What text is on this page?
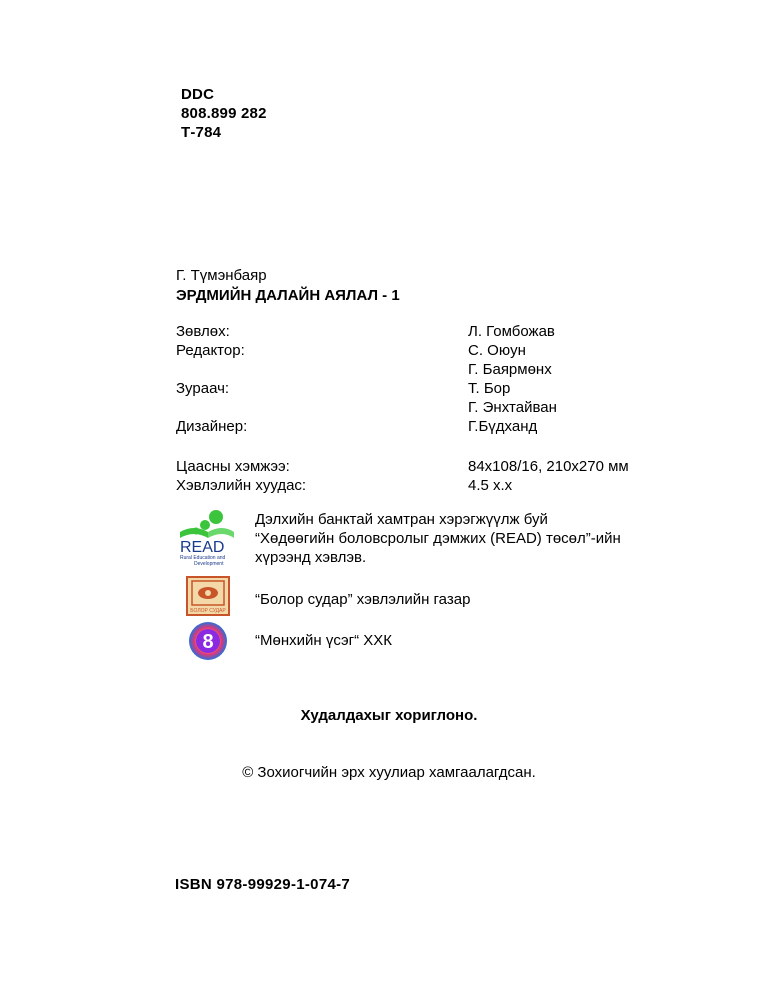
DDC
808.899 282
Т-784
Г. Түмэнбаяр
ЭРДМИЙН ДАЛАЙН АЯЛАЛ - 1
Зөвлөх:	Л. Гомбожав
Редактор:	С. Оюун
Г. Баярмөнх
Зураач:	Т. Бор
Г. Энхтайван
Дизайнер:	Г.Бүдханд
Цаасны хэмжээ:	84x108/16, 210x270 мм
Хэвлэлийн хуудас:	4.5 х.х
READ
Rural Education and
Development
Дэлхийн банктай хамтран хэрэгжүүлж буй
“Хөдөөгийн боловсролыг дэмжих (READ) төсөл”-ийн
хүрээнд хэвлэв.
БОЛОР СУДАР
“Болор судар” хэвлэлийн газар
8	“Мөнхийн үсэг“ ХХК
Худалдахыг хориглоно.
© Зохиогчийн эрх хуулиар хамгаалагдсан.
ISBN 978-99929-1-074-7
